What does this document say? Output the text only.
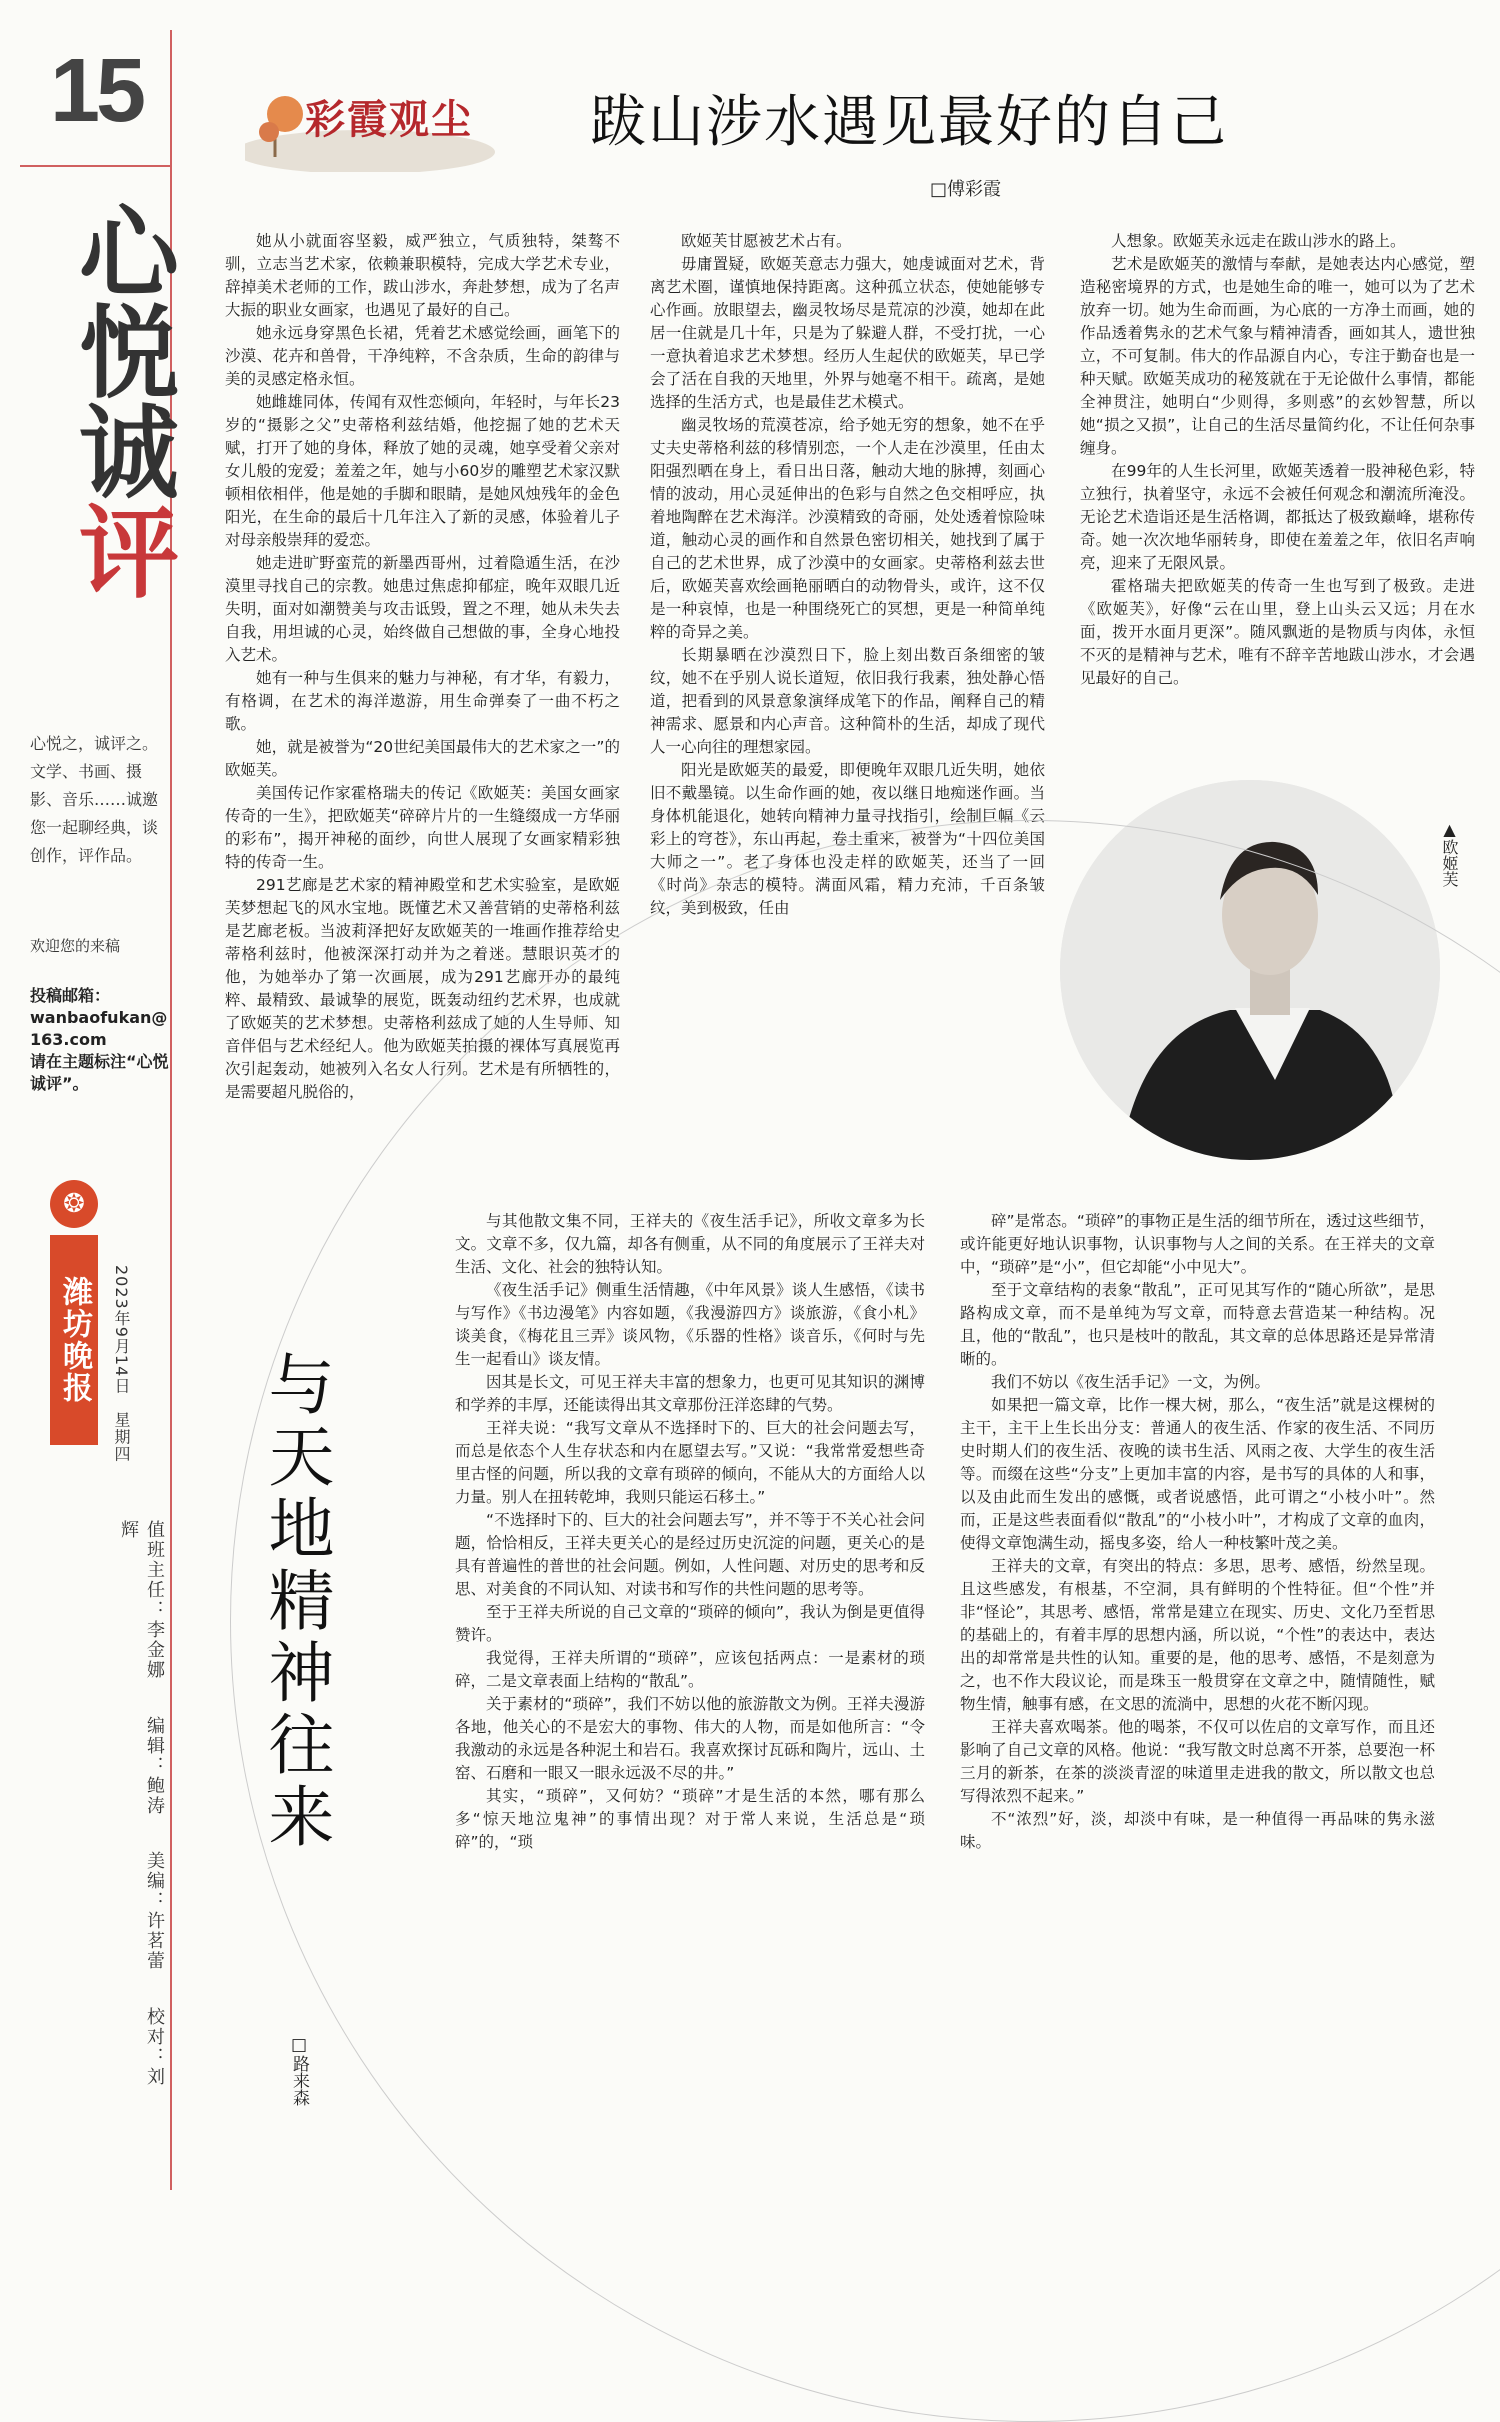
15
心悦诚评
心悦之，诚评之。文学、书画、摄影、音乐……诚邀您一起聊经典，谈创作，评作品。
欢迎您的来稿
投稿邮箱：
wanbaofukan@163.com
请在主题标注“心悦诚评”。
❂
潍坊晚报	2023年9月14日　星期四
值班主任：李金娜 编辑：鲍涛 美编：许茗蕾 校对：刘辉
彩霞观尘 跋山涉水遇见最好的自己
□傅彩霞

她从小就面容坚毅，威严独立，气质独特，桀骜不驯，立志当艺术家，依赖兼职模特，完成大学艺术专业，辞掉美术老师的工作，跋山涉水，奔赴梦想，成为了名声大振的职业女画家，也遇见了最好的自己。

她永远身穿黑色长裙，凭着艺术感觉绘画，画笔下的沙漠、花卉和兽骨，干净纯粹，不含杂质，生命的韵律与美的灵感定格永恒。

她雌雄同体，传闻有双性恋倾向，年轻时，与年长23岁的“摄影之父”史蒂格利兹结婚，他挖掘了她的艺术天赋，打开了她的身体，释放了她的灵魂，她享受着父亲对女儿般的宠爱；羞羞之年，她与小60岁的雕塑艺术家汉默顿相依相伴，他是她的手脚和眼睛，是她风烛残年的金色阳光，在生命的最后十几年注入了新的灵感，体验着儿子对母亲般崇拜的爱恋。

她走进旷野蛮荒的新墨西哥州，过着隐遁生活，在沙漠里寻找自己的宗教。她患过焦虑抑郁症，晚年双眼几近失明，面对如潮赞美与攻击诋毁，置之不理，她从未失去自我，用坦诚的心灵，始终做自己想做的事，全身心地投入艺术。

她有一种与生俱来的魅力与神秘，有才华，有毅力，有格调，在艺术的海洋遨游，用生命弹奏了一曲不朽之歌。

她，就是被誉为“20世纪美国最伟大的艺术家之一”的欧姬芙。

美国传记作家霍格瑞夫的传记《欧姬芙：美国女画家传奇的一生》，把欧姬芙“碎碎片片的一生缝缀成一方华丽的彩布”，揭开神秘的面纱，向世人展现了女画家精彩独特的传奇一生。

291艺廊是艺术家的精神殿堂和艺术实验室，是欧姬芙梦想起飞的风水宝地。既懂艺术又善营销的史蒂格利兹是艺廊老板。当波莉泽把好友欧姬芙的一堆画作推荐给史蒂格利兹时，他被深深打动并为之着迷。慧眼识英才的他，为她举办了第一次画展，成为291艺廊开办的最纯粹、最精致、最诚挚的展览，既轰动纽约艺术界，也成就了欧姬芙的艺术梦想。史蒂格利兹成了她的人生导师、知音伴侣与艺术经纪人。他为欧姬芙拍摄的裸体写真展览再次引起轰动，她被列入名女人行列。艺术是有所牺牲的，是需要超凡脱俗的，

欧姬芙甘愿被艺术占有。

毋庸置疑，欧姬芙意志力强大，她虔诚面对艺术，背离艺术圈，谨慎地保持距离。这种孤立状态，使她能够专心作画。放眼望去，幽灵牧场尽是荒凉的沙漠，她却在此居一住就是几十年，只是为了躲避人群，不受打扰，一心一意执着追求艺术梦想。经历人生起伏的欧姬芙，早已学会了活在自我的天地里，外界与她毫不相干。疏离，是她选择的生活方式，也是最佳艺术模式。

幽灵牧场的荒漠苍凉，给予她无穷的想象，她不在乎丈夫史蒂格利兹的移情别恋，一个人走在沙漠里，任由太阳强烈晒在身上，看日出日落，触动大地的脉搏，刻画心情的波动，用心灵延伸出的色彩与自然之色交相呼应，执着地陶醉在艺术海洋。沙漠精致的奇丽，处处透着惊险味道，触动心灵的画作和自然景色密切相关，她找到了属于自己的艺术世界，成了沙漠中的女画家。史蒂格利兹去世后，欧姬芙喜欢绘画艳丽晒白的动物骨头，或许，这不仅是一种哀悼，也是一种围绕死亡的冥想，更是一种简单纯粹的奇异之美。

长期暴晒在沙漠烈日下，脸上刻出数百条细密的皱纹，她不在乎别人说长道短，依旧我行我素，独处静心悟道，把看到的风景意象演绎成笔下的作品，阐释自己的精神需求、愿景和内心声音。这种简朴的生活，却成了现代人一心向往的理想家园。

阳光是欧姬芙的最爱，即便晚年双眼几近失明，她依旧不戴墨镜。以生命作画的她，夜以继日地痴迷作画。当身体机能退化，她转向精神力量寻找指引，绘制巨幅《云彩上的穹苍》，东山再起，卷土重来，被誉为“十四位美国大师之一”。老了身体也没走样的欧姬芙，还当了一回《时尚》杂志的模特。满面风霜，精力充沛，千百条皱纹，美到极致，任由

人想象。欧姬芙永远走在跋山涉水的路上。

艺术是欧姬芙的激情与奉献，是她表达内心感觉，塑造秘密境界的方式，也是她生命的唯一，她可以为了艺术放弃一切。她为生命而画，为心底的一方净土而画，她的作品透着隽永的艺术气象与精神清香，画如其人，遗世独立，不可复制。伟大的作品源自内心，专注于勤奋也是一种天赋。欧姬芙成功的秘笈就在于无论做什么事情，都能全神贯注，她明白“少则得，多则惑”的玄妙智慧，所以她“损之又损”，让自己的生活尽量简约化，不让任何杂事缠身。

在99年的人生长河里，欧姬芙透着一股神秘色彩，特立独行，执着坚守，永远不会被任何观念和潮流所淹没。无论艺术造诣还是生活格调，都抵达了极致巅峰，堪称传奇。她一次次地华丽转身，即使在羞羞之年，依旧名声响亮，迎来了无限风景。

霍格瑞夫把欧姬芙的传奇一生也写到了极致。走进《欧姬芙》，好像“云在山里，登上山头云又远；月在水面，拨开水面月更深”。随风飘逝的是物质与肉体，永恒不灭的是精神与艺术，唯有不辞辛苦地跋山涉水，才会遇见最好的自己。

▲欧姬芙
与天地精神往来
□路来森

与其他散文集不同，王祥夫的《夜生活手记》，所收文章多为长文。文章不多，仅九篇，却各有侧重，从不同的角度展示了王祥夫对生活、文化、社会的独特认知。

《夜生活手记》侧重生活情趣，《中年风景》谈人生感悟，《读书与写作》《书边漫笔》内容如题，《我漫游四方》谈旅游，《食小札》谈美食，《梅花且三弄》谈风物，《乐器的性格》谈音乐，《何时与先生一起看山》谈友情。

因其是长文，可见王祥夫丰富的想象力，也更可见其知识的渊博和学养的丰厚，还能读得出其文章那份汪洋恣肆的气势。

王祥夫说：“我写文章从不选择时下的、巨大的社会问题去写，而总是依态个人生存状态和内在愿望去写。”又说：“我常常爱想些奇里古怪的问题，所以我的文章有琐碎的倾向，不能从大的方面给人以力量。别人在扭转乾坤，我则只能运石移土。”

“不选择时下的、巨大的社会问题去写”，并不等于不关心社会问题，恰恰相反，王祥夫更关心的是经过历史沉淀的问题，更关心的是具有普遍性的普世的社会问题。例如，人性问题、对历史的思考和反思、对美食的不同认知、对读书和写作的共性问题的思考等。

至于王祥夫所说的自己文章的“琐碎的倾向”，我认为倒是更值得赞许。

我觉得，王祥夫所谓的“琐碎”，应该包括两点：一是素材的琐碎，二是文章表面上结构的“散乱”。

关于素材的“琐碎”，我们不妨以他的旅游散文为例。王祥夫漫游各地，他关心的不是宏大的事物、伟大的人物，而是如他所言：“令我激动的永远是各种泥土和岩石。我喜欢探讨瓦砾和陶片，远山、土窑、石磨和一眼又一眼永远汲不尽的井。”

其实，“琐碎”，又何妨？“琐碎”才是生活的本然，哪有那么多“惊天地泣鬼神”的事情出现？对于常人来说，生活总是“琐碎”的，“琐

碎”是常态。“琐碎”的事物正是生活的细节所在，透过这些细节，或许能更好地认识事物，认识事物与人之间的关系。在王祥夫的文章中，“琐碎”是“小”，但它却能“小中见大”。

至于文章结构的表象“散乱”，正可见其写作的“随心所欲”，是思路构成文章，而不是单纯为写文章，而特意去营造某一种结构。况且，他的“散乱”，也只是枝叶的散乱，其文章的总体思路还是异常清晰的。

我们不妨以《夜生活手记》一文，为例。

如果把一篇文章，比作一棵大树，那么，“夜生活”就是这棵树的主干，主干上生长出分支：普通人的夜生活、作家的夜生活、不同历史时期人们的夜生活、夜晚的读书生活、风雨之夜、大学生的夜生活等。而缀在这些“分支”上更加丰富的内容，是书写的具体的人和事，以及由此而生发出的感慨，或者说感悟，此可谓之“小枝小叶”。然而，正是这些表面看似“散乱”的“小枝小叶”，才构成了文章的血肉，使得文章饱满生动，摇曳多姿，给人一种枝繁叶茂之美。

王祥夫的文章，有突出的特点：多思，思考、感悟，纷然呈现。且这些感发，有根基，不空洞，具有鲜明的个性特征。但“个性”并非“怪论”，其思考、感悟，常常是建立在现实、历史、文化乃至哲思的基础上的，有着丰厚的思想内涵，所以说，“个性”的表达中，表达出的却常常是共性的认知。重要的是，他的思考、感悟，不是刻意为之，也不作大段议论，而是珠玉一般贯穿在文章之中，随情随性，赋物生情，触事有感，在文思的流淌中，思想的火花不断闪现。

王祥夫喜欢喝茶。他的喝茶，不仅可以佐启的文章写作，而且还影响了自己文章的风格。他说：“我写散文时总离不开茶，总要泡一杯三月的新茶，在茶的淡淡青涩的味道里走进我的散文，所以散文也总写得浓烈不起来。”

不“浓烈”好，淡，却淡中有味，是一种值得一再品味的隽永滋味。
